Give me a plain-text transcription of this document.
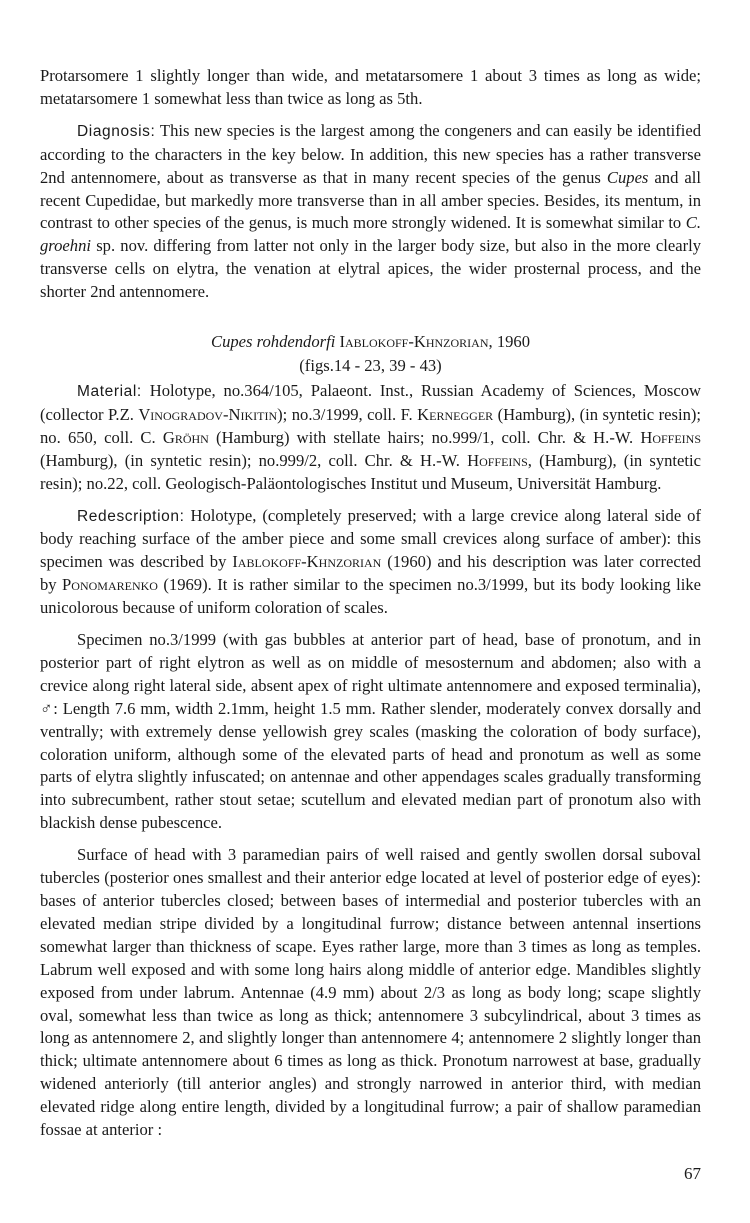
Protarsomere 1 slightly longer than wide, and metatarsomere 1 about 3 times as long as wide; metatarsomere 1 somewhat less than twice as long as 5th.

Diagnosis: This new species is the largest among the congeners and can easily be identified according to the characters in the key below. In addition, this new species has a rather transverse 2nd antennomere, about as transverse as that in many recent species of the genus Cupes and all recent Cupedidae, but markedly more transverse than in all amber species. Besides, its mentum, in contrast to other species of the genus, is much more strongly widened. It is somewhat similar to C. groehni sp. nov. differing from latter not only in the larger body size, but also in the more clearly transverse cells on elytra, the venation at elytral apices, the wider prosternal process, and the shorter 2nd antennomere.

Cupes rohdendorfi Iablokoff-Khnzorian, 1960
(figs.14 - 23, 39 - 43)

Material: Holotype, no.364/105, Palaeont. Inst., Russian Academy of Sciences, Moscow (collector P.Z. Vinogradov-Nikitin); no.3/1999, coll. F. Kernegger (Hamburg), (in syntetic resin); no. 650, coll. C. Gröhn (Hamburg) with stellate hairs; no.999/1, coll. Chr. & H.-W. Hoffeins (Hamburg), (in syntetic resin); no.999/2, coll. Chr. & H.-W. Hoffeins, (Hamburg), (in syntetic resin); no.22, coll. Geologisch-Paläontologisches Institut und Museum, Universität Hamburg.

Redescription: Holotype, (completely preserved; with a large crevice along lateral side of body reaching surface of the amber piece and some small crevices along surface of amber): this specimen was described by Iablokoff-Khnzorian (1960) and his description was later corrected by Ponomarenko (1969). It is rather similar to the specimen no.3/1999, but its body looking like unicolorous because of uniform coloration of scales.

Specimen no.3/1999 (with gas bubbles at anterior part of head, base of pronotum, and in posterior part of right elytron as well as on middle of mesosternum and abdomen; also with a crevice along right lateral side, absent apex of right ultimate antennomere and exposed terminalia), ♂: Length 7.6 mm, width 2.1mm, height 1.5 mm. Rather slender, moderately convex dorsally and ventrally; with extremely dense yellowish grey scales (masking the coloration of body surface), coloration uniform, although some of the elevated parts of head and pronotum as well as some parts of elytra slightly infuscated; on antennae and other appendages scales gradually transforming into subrecumbent, rather stout setae; scutellum and elevated median part of pronotum also with blackish dense pubescence.

Surface of head with 3 paramedian pairs of well raised and gently swollen dorsal suboval tubercles (posterior ones smallest and their anterior edge located at level of posterior edge of eyes): bases of anterior tubercles closed; between bases of intermedial and posterior tubercles with an elevated median stripe divided by a longitudinal furrow; distance between antennal insertions somewhat larger than thickness of scape. Eyes rather large, more than 3 times as long as temples. Labrum well exposed and with some long hairs along middle of anterior edge. Mandibles slightly exposed from under labrum. Antennae (4.9 mm) about 2/3 as long as body long; scape slightly oval, somewhat less than twice as long as thick; antennomere 3 subcylindrical, about 3 times as long as antennomere 2, and slightly longer than antennomere 4; antennomere 2 slightly longer than thick; ultimate antennomere about 6 times as long as thick. Pronotum narrowest at base, gradually widened anteriorly (till anterior angles) and strongly narrowed in anterior third, with median elevated ridge along entire length, divided by a longitudinal furrow; a pair of shallow paramedian fossae at anterior :

67
